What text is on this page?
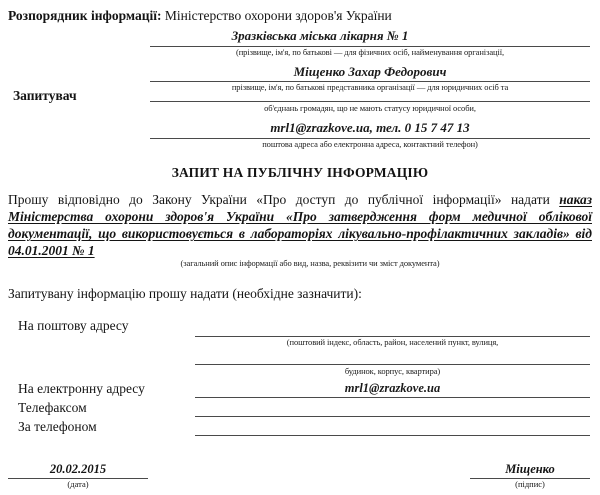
Розпорядник інформації: Міністерство охорони здоров'я України
Запитувач
Зразківська міська лікарня № 1
(прізвище, ім'я, по батькові — для фізичних осіб, найменування організації,
Міщенко Захар Федорович
прізвище, ім'я, по батькові представника організації — для юридичних осіб та
об'єднань громадян, що не мають статусу юридичної особи,
mrl1@zrazkove.ua, тел. 0 15 7 47 13
поштова адреса або електронна адреса, контактний телефон)
ЗАПИТ НА ПУБЛІЧНУ ІНФОРМАЦІЮ
Прошу відповідно до Закону України «Про доступ до публічної інформації» надати наказ Міністерства охорони здоров'я України «Про затвердження форм медичної облікової документації, що використовується в лабораторіях лікувально-профілактичних закладів» від 04.01.2001 № 1
(загальний опис інформації або вид, назва, реквізити чи зміст документа)
Запитувану інформацію прошу надати (необхідне зазначити):
На поштову адресу
(поштовий індекс, область, район, населений пункт, вулиця,
будинок, корпус, квартира)
На електронну адресу	mrl1@zrazkove.ua
Телефаксом
За телефоном
20.02.2015
(дата)
Міщенко
(підпис)
